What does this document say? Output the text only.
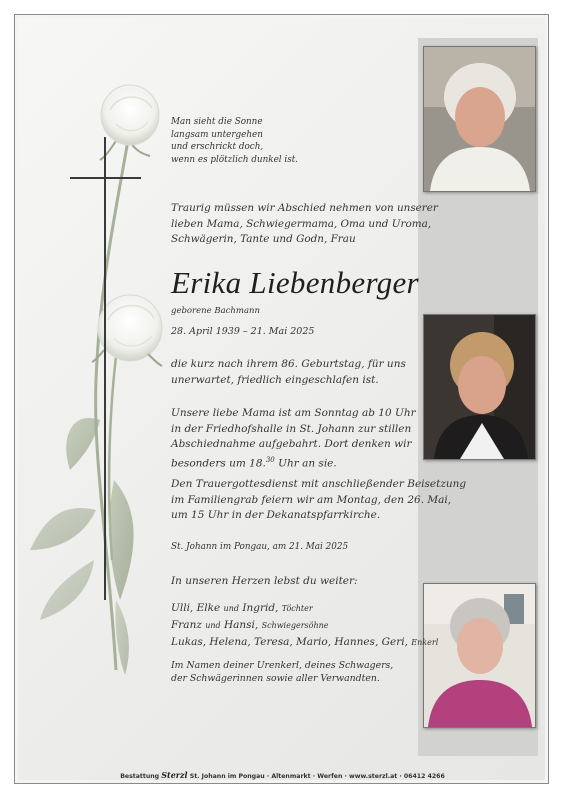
Man sieht die Sonne
langsam untergehen
und erschrickt doch,
wenn es plötzlich dunkel ist.
Traurig müssen wir Abschied nehmen von unserer
lieben Mama, Schwiegermama, Oma und Uroma,
Schwägerin, Tante und Godn, Frau
Erika Liebenberger
geborene Bachmann
28. April 1939 – 21. Mai 2025
die kurz nach ihrem 86. Geburtstag, für uns
unerwartet, friedlich eingeschlafen ist.
Unsere liebe Mama ist am Sonntag ab 10 Uhr
in der Friedhofshalle in St. Johann zur stillen
Abschiednahme aufgebahrt. Dort denken wir
besonders um 18.30 Uhr an sie.
Den Trauergottesdienst mit anschließender Beisetzung
im Familiengrab feiern wir am Montag, den 26. Mai,
um 15 Uhr in der Dekanatspfarrkirche.
St. Johann im Pongau, am 21. Mai 2025
In unseren Herzen lebst du weiter:
Ulli, Elke und Ingrid, Töchter
Franz und Hansi, Schwiegersöhne
Lukas, Helena, Teresa, Mario, Hannes, Geri, Enkerl
Im Namen deiner Urenkerl, deines Schwagers,
der Schwägerinnen sowie aller Verwandten.
Bestattung Sterzl St. Johann im Pongau · Altenmarkt · Werfen · www.sterzl.at · 06412 4266
